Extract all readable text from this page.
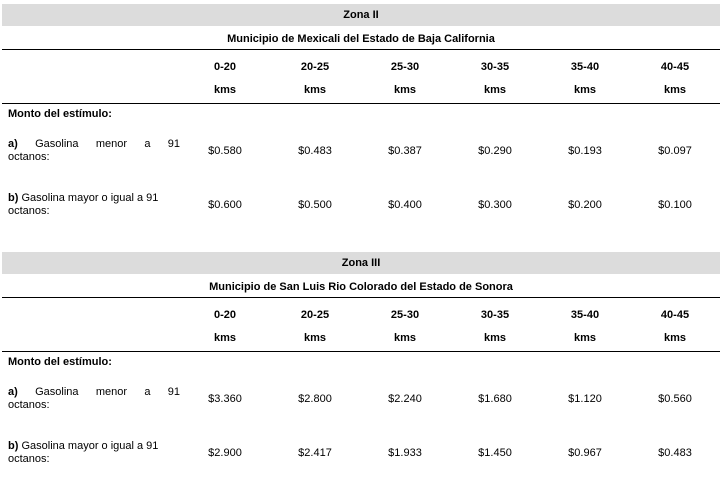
Zona II
Municipio de Mexicali del Estado de Baja California
	0-20	20-25	25-30	30-35	35-40	40-45
	kms	kms	kms	kms	kms	kms

Monto del estímulo:						

a) Gasolina menor a 91
octanos:	$0.580	$0.483	$0.387	$0.290	$0.193	$0.097

b) Gasolina mayor o igual a 91
octanos:	$0.600	$0.500	$0.400	$0.300	$0.200	$0.100
Zona III
Municipio de San Luis Rio Colorado del Estado de Sonora
	0-20	20-25	25-30	30-35	35-40	40-45
	kms	kms	kms	kms	kms	kms

Monto del estímulo:						

a) Gasolina menor a 91
octanos:	$3.360	$2.800	$2.240	$1.680	$1.120	$0.560

b) Gasolina mayor o igual a 91
octanos:	$2.900	$2.417	$1.933	$1.450	$0.967	$0.483
